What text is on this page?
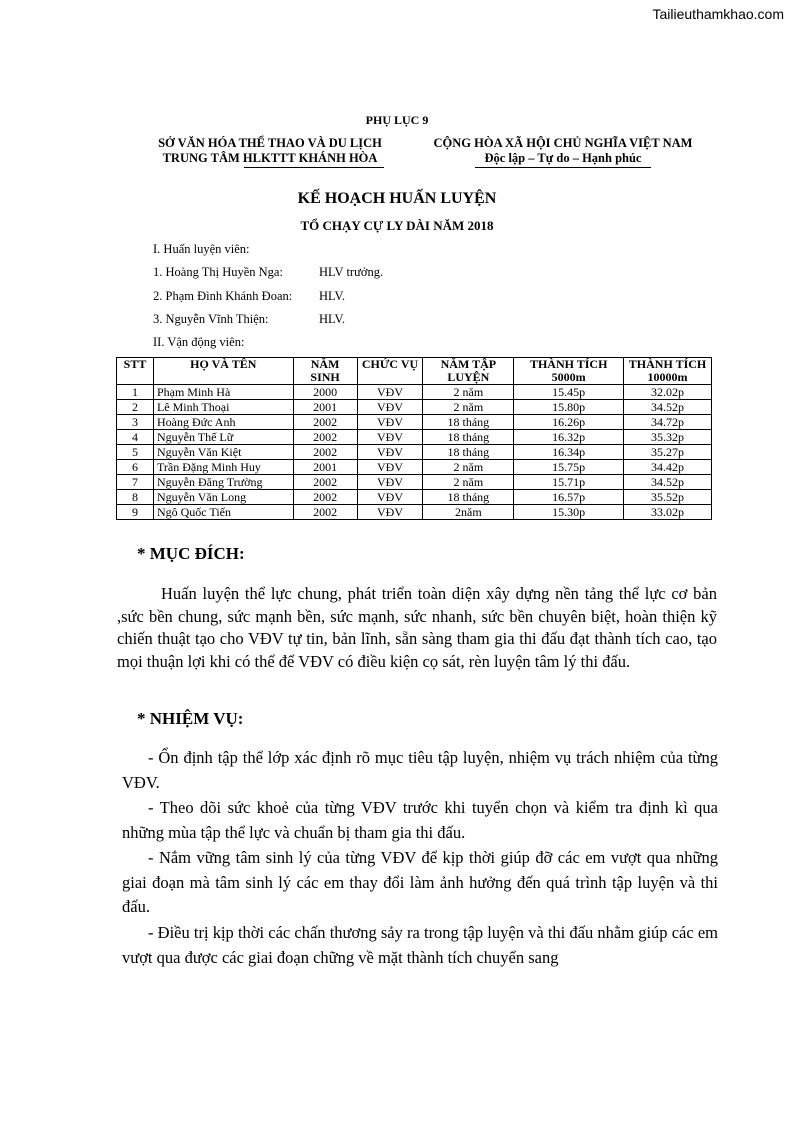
Tailieuthamkhao.com
PHỤ LỤC 9
SỞ VĂN HÓA THỂ THAO VÀ DU LỊCH
TRUNG TÂM HLKTTT KHÁNH HÒA
CỘNG HÒA XÃ HỘI CHỦ NGHĨA VIỆT NAM
Độc lập – Tự do – Hạnh phúc
KẾ HOẠCH HUẤN LUYỆN
TỔ CHẠY CỰ LY DÀI NĂM 2018
I. Huấn luyện viên:
1. Hoàng Thị Huyền Nga:	HLV trưởng.
2. Phạm Đình Khánh Đoan: HLV.
3. Nguyễn Vĩnh Thiện:	HLV.
II. Vận động viên:
STT	HỌ VÀ TÊN	NĂM SINH	CHỨC VỤ	NĂM TẬP LUYỆN	THÀNH TÍCH 5000m	THÀNH TÍCH 10000m
1	Phạm Minh Hà	2000	VĐV	2 năm	15.45p	32.02p
2	Lê Minh Thoại	2001	VĐV	2 năm	15.80p	34.52p
3	Hoàng Đức Anh	2002	VĐV	18 tháng	16.26p	34.72p
4	Nguyễn Thế Lữ	2002	VĐV	18 tháng	16.32p	35.32p
5	Nguyễn Văn Kiệt	2002	VĐV	18 tháng	16.34p	35.27p
6	Trần Đặng Minh Huy	2001	VĐV	2 năm	15.75p	34.42p
7	Nguyễn Đăng Trường	2002	VĐV	2 năm	15.71p	34.52p
8	Nguyễn Văn Long	2002	VĐV	18 tháng	16.57p	35.52p
9	Ngô Quốc Tiến	2002	VĐV	2năm	15.30p	33.02p
* MỤC ĐÍCH:
Huấn luyện thể lực chung, phát triển toàn diện xây dựng nền tảng thể lực cơ bản ,sức bền chung, sức mạnh bền, sức mạnh, sức nhanh, sức bền chuyên biệt, hoàn thiện kỹ chiến thuật tạo cho VĐV tự tin, bản lĩnh, sẵn sàng tham gia thi đấu đạt thành tích cao, tạo mọi thuận lợi khi có thể để VĐV có điều kiện cọ sát, rèn luyện tâm lý thi đấu.
* NHIỆM VỤ:
- Ổn định tập thể lớp xác định rõ mục tiêu tập luyện, nhiệm vụ trách nhiệm của từng VĐV.
- Theo dõi sức khoẻ của từng VĐV trước khi tuyển chọn và kiểm tra định kì qua những mùa tập thể lực và chuẩn bị tham gia thi đấu.
- Nắm vững tâm sinh lý của từng VĐV để kịp thời giúp đỡ các em vượt qua những giai đoạn mà tâm sinh lý các em thay đổi làm ảnh hưởng đến quá trình tập luyện và thi đấu.
- Điều trị kịp thời các chấn thương sảy ra trong tập luyện và thi đấu nhằm giúp các em vượt qua được các giai đoạn chững về mặt thành tích chuyển sang
